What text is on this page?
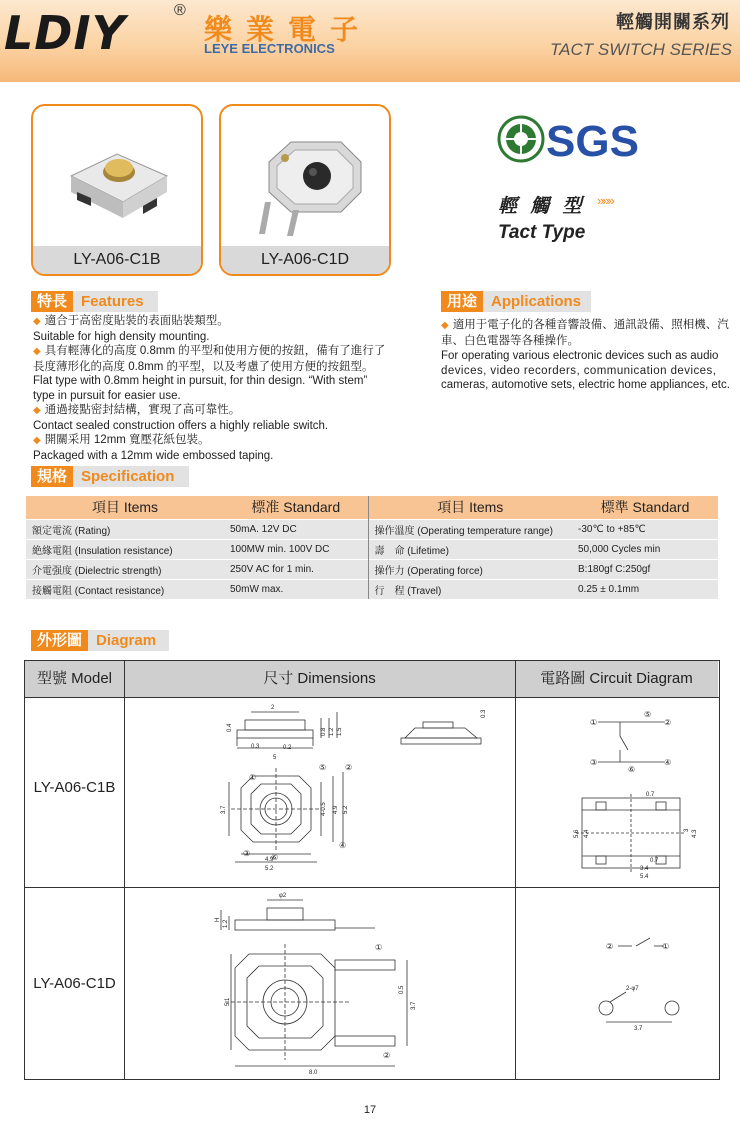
LDIY	®
樂業電子
LEYE ELECTRONICS
輕觸開關系列
TACT SWITCH SERIES
LY-A06-C1B	LY-A06-C1D
SGS
輕 觸 型 »»»
Tact Type
特長 Features
◆ 適合于高密度貼裝的表面貼裝類型。
Suitable for high density mounting.
◆ 具有輕薄化的高度 0.8mm 的平型和使用方便的按鈕，備有了進行了
長度薄形化的高度 0.8mm 的平型，以及考慮了使用方便的按鈕型。
Flat type with 0.8mm height in pursuit, for thin design. “With stem”
type in pursuit for easier use.
◆ 通過接點密封結構，實現了高可靠性。
Contact sealed construction offers a highly reliable switch.
◆ 開關采用 12mm 寬壓花紙包裝。
Packaged with a 12mm wide embossed taping.
用途 Applications
◆ 適用于電子化的各種音響設備、通訊設備、照相機、汽
車、白色電器等各種操作。
For operating various electronic devices such as audio
devices, video recorders, communication devices,
cameras, automotive sets, electric home appliances, etc.
規格 Specification
項目 Items	標准 Standard	項目 Items	標準 Standard
額定電流 (Rating)	50mA. 12V DC	操作溫度 (Operating temperature range)	-30℃ to +85℃
絶緣電阻 (Insulation resistance)	100MW min. 100V DC	壽　命 (Lifetime)	50,000 Cycles min
介電强度 (Dielectric strength)	250V AC for 1 min.	操作力 (Operating force)	B:180gf C:250gf
接觸電阻 (Contact resistance)	50mW max.	行　程 (Travel)	0.25 ± 0.1mm
外形圖 Diagram
型號 Model	尺寸 Dimensions	電路圖 Circuit Diagram
LY-A06-C1B
LY-A06-C1D
2
5
0.4	0.8 1.2 1.5
0.3	0.2
0.3
4.9
5.2
3.7	4-0.5 4.9 5.2
①
②
③
④
⑤
⑥
φ2
H 1.2
5.1
0.5
3.7
8.0
①
②
①	②
③	④
⑤
⑥
0.7
3.4
5.4
5.6 4.4	3 4.3
0.7
②	①
2-φ7
3.7
17
